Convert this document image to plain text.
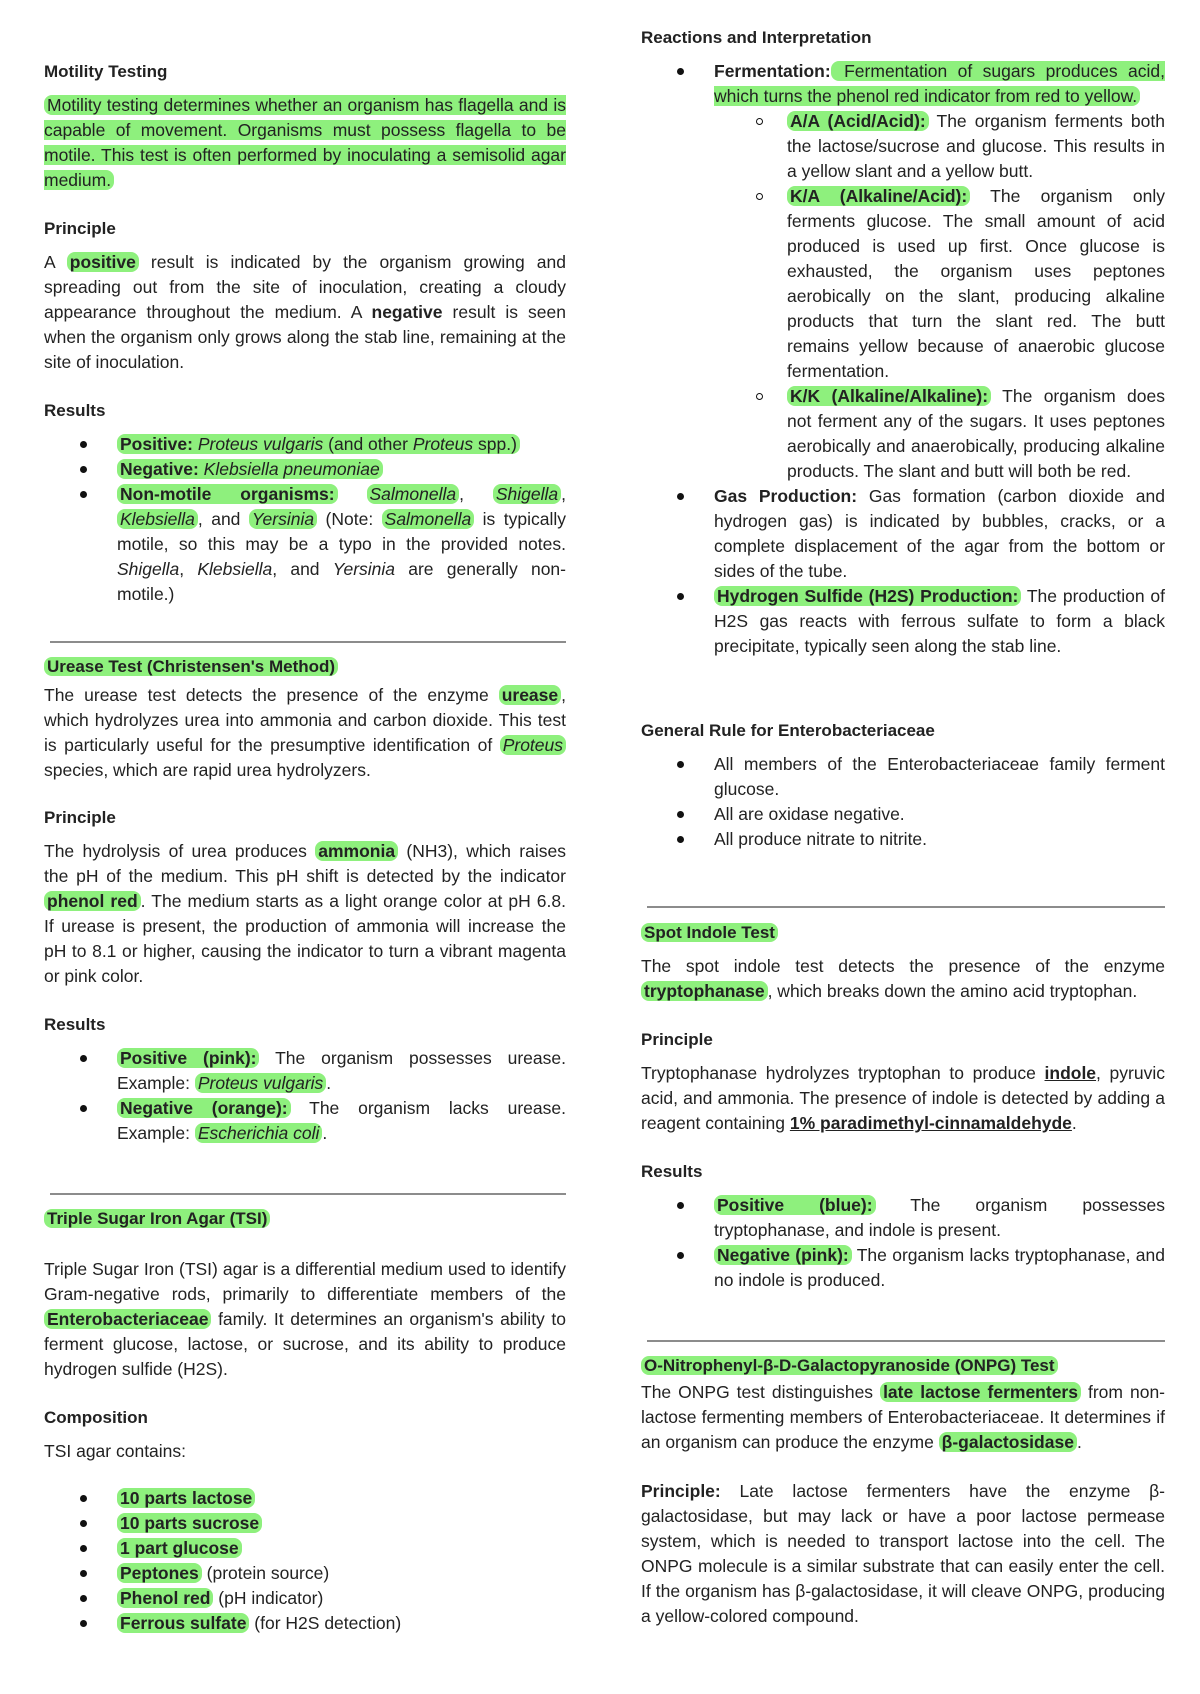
Motility Testing

Motility testing determines whether an organism has flagella and is capable of movement. Organisms must possess flagella to be motile. This test is often performed by inoculating a semisolid agar medium.

Principle

A positive result is indicated by the organism growing and spreading out from the site of inoculation, creating a cloudy appearance throughout the medium. A negative result is seen when the organism only grows along the stab line, remaining at the site of inoculation.

Results
Positive: Proteus vulgaris (and other Proteus spp.)
Negative: Klebsiella pneumoniae
Non-motile organisms: Salmonella , Shigella , Klebsiella , and Yersinia (Note: Salmonella is typically motile, so this may be a typo in the provided notes. Shigella, Klebsiella, and Yersinia are generally non-motile.)
Urease Test (Christensen's Method)

The urease test detects the presence of the enzyme urease , which hydrolyzes urea into ammonia and carbon dioxide. This test is particularly useful for the presumptive identification of Proteus species, which are rapid urea hydrolyzers.

Principle

The hydrolysis of urea produces ammonia (NH3), which raises the pH of the medium. This pH shift is detected by the indicator phenol red . The medium starts as a light orange color at pH 6.8. If urease is present, the production of ammonia will increase the pH to 8.1 or higher, causing the indicator to turn a vibrant magenta or pink color.

Results
Positive (pink): The organism possesses urease. Example: Proteus vulgaris .
Negative (orange): The organism lacks urease. Example: Escherichia coli .
Triple Sugar Iron Agar (TSI)

Triple Sugar Iron (TSI) agar is a differential medium used to identify Gram-negative rods, primarily to differentiate members of the Enterobacteriaceae family. It determines an organism's ability to ferment glucose, lactose, or sucrose, and its ability to produce hydrogen sulfide (H2S).

Composition

TSI agar contains:

10 parts lactose
10 parts sucrose
1 part glucose
Peptones (protein source)
Phenol red (pH indicator)
Ferrous sulfate (for H2S detection)
Reactions and Interpretation
Fermentation: Fermentation of sugars produces acid, which turns the phenol red indicator from red to yellow.
A/A (Acid/Acid): The organism ferments both the lactose/sucrose and glucose. This results in a yellow slant and a yellow butt.
K/A (Alkaline/Acid): The organism only ferments glucose. The small amount of acid produced is used up first. Once glucose is exhausted, the organism uses peptones aerobically on the slant, producing alkaline products that turn the slant red. The butt remains yellow because of anaerobic glucose fermentation.
K/K (Alkaline/Alkaline): The organism does not ferment any of the sugars. It uses peptones aerobically and anaerobically, producing alkaline products. The slant and butt will both be red.
Gas Production: Gas formation (carbon dioxide and hydrogen gas) is indicated by bubbles, cracks, or a complete displacement of the agar from the bottom or sides of the tube.
Hydrogen Sulfide (H2S) Production: The production of H2S gas reacts with ferrous sulfate to form a black precipitate, typically seen along the stab line.
General Rule for Enterobacteriaceae
All members of the Enterobacteriaceae family ferment glucose.
All are oxidase negative.
All produce nitrate to nitrite.
Spot Indole Test

The spot indole test detects the presence of the enzyme tryptophanase , which breaks down the amino acid tryptophan.

Principle

Tryptophanase hydrolyzes tryptophan to produce indole, pyruvic acid, and ammonia. The presence of indole is detected by adding a reagent containing 1% paradimethyl-cinnamaldehyde.

Results
Positive (blue): The organism possesses tryptophanase, and indole is present.
Negative (pink): The organism lacks tryptophanase, and no indole is produced.
O-Nitrophenyl-β-D-Galactopyranoside (ONPG) Test

The ONPG test distinguishes late lactose fermenters from non-lactose fermenting members of Enterobacteriaceae. It determines if an organism can produce the enzyme β-galactosidase .

Principle: Late lactose fermenters have the enzyme β-galactosidase, but may lack or have a poor lactose permease system, which is needed to transport lactose into the cell. The ONPG molecule is a similar substrate that can easily enter the cell. If the organism has β-galactosidase, it will cleave ONPG, producing a yellow-colored compound.
